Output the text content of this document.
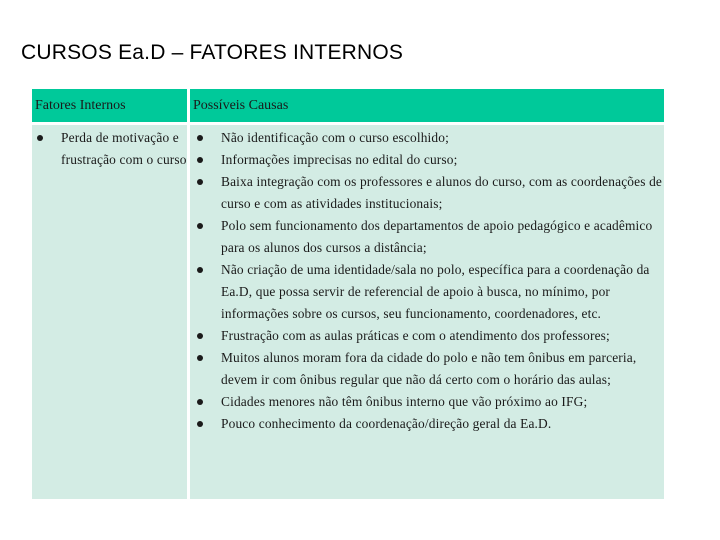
CURSOS Ea.D – FATORES INTERNOS
Fatores Internos	Possíveis Causas
Perda de motivação e frustração com o curso
Não identificação com o curso escolhido;
Informações imprecisas no edital do curso;
Baixa integração com os professores e alunos do curso, com as coordenações de curso e com as atividades institucionais;
Polo sem funcionamento dos departamentos de apoio pedagógico e acadêmico para os alunos dos cursos a distância;
Não criação de uma identidade/sala no polo, específica para a coordenação da Ea.D, que possa servir de referencial de apoio à busca, no mínimo, por informações sobre os cursos, seu funcionamento, coordenadores, etc.
Frustração com as aulas práticas e com o atendimento dos professores;
Muitos alunos moram fora da cidade do polo e não tem ônibus em parceria, devem ir com ônibus regular que não dá certo com o horário das aulas;
Cidades menores não têm ônibus interno que vão próximo ao IFG;
Pouco conhecimento da coordenação/direção geral da Ea.D.
